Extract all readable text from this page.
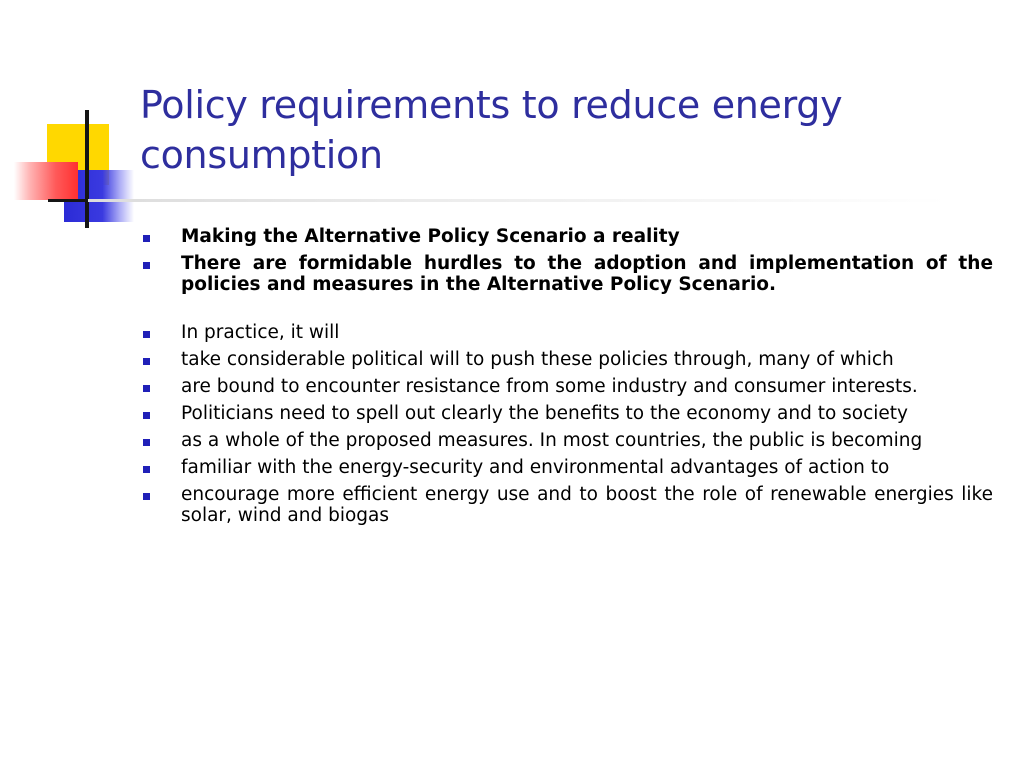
Policy requirements to reduce energy consumption
Making the Alternative Policy Scenario a reality
There are formidable hurdles to the adoption and implementation of the policies and measures in the Alternative Policy Scenario.
In practice, it will
take considerable political will to push these policies through, many of which
are bound to encounter resistance from some industry and consumer interests.
Politicians need to spell out clearly the benefits to the economy and to society
as a whole of the proposed measures. In most countries, the public is becoming
familiar with the energy-security and environmental advantages of action to
encourage more efficient energy use and to boost the role of renewable energies like solar, wind and biogas
